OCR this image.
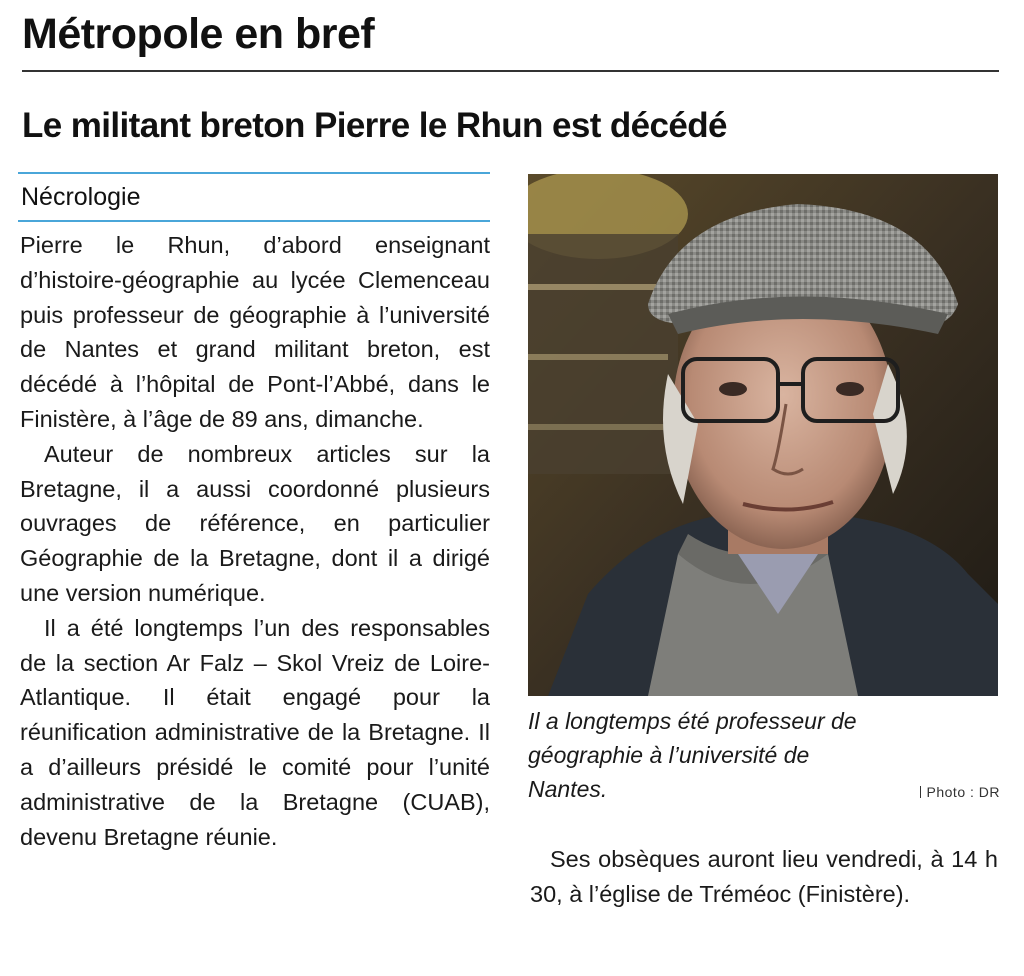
Métropole en bref
Le militant breton Pierre le Rhun est décédé
Nécrologie

Pierre le Rhun, d’abord enseignant d’histoire-géographie au lycée Clemenceau puis professeur de géographie à l’université de Nantes et grand militant breton, est décédé à l’hôpital de Pont-l’Abbé, dans le Finistère, à l’âge de 89 ans, dimanche.

Auteur de nombreux articles sur la Bretagne, il a aussi coordonné plusieurs ouvrages de référence, en particulier Géographie de la Bretagne, dont il a dirigé une version numérique.

Il a été longtemps l’un des responsables de la section Ar Falz – Skol Vreiz de Loire-Atlantique. Il était engagé pour la réunification administrative de la Bretagne. Il a d’ailleurs présidé le comité pour l’unité administrative de la Bretagne (CUAB), devenu Bretagne réunie.

Il a longtemps été professeur de géographie à l’université de Nantes.	Photo : DR

Ses obsèques auront lieu vendredi, à 14 h 30, à l’église de Tréméoc (Finistère).
